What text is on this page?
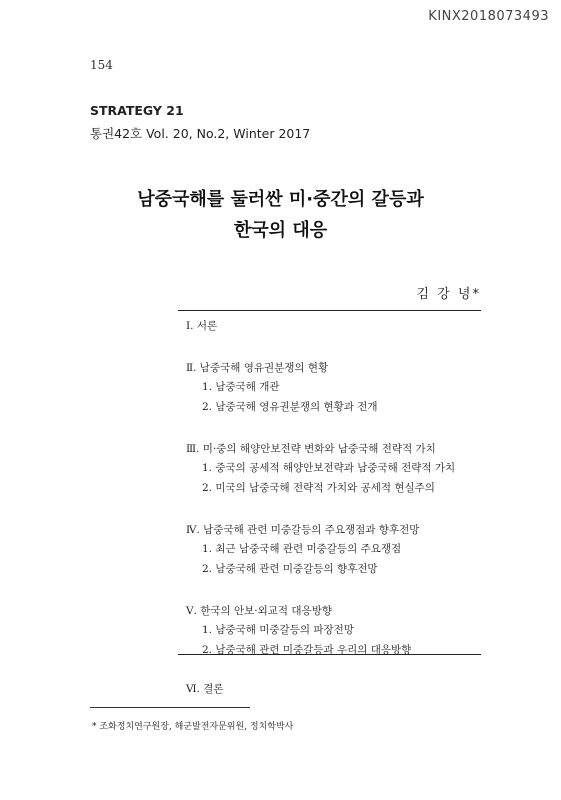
KINX2018073493
154
STRATEGY 21
통권42호 Vol. 20, No.2, Winter 2017
남중국해를 둘러싼 미·중간의 갈등과
한국의 대응
김 강 녕*
Ⅰ. 서론
Ⅱ. 남중국해 영유권분쟁의 현황
1. 남중국해 개관
2. 남중국해 영유권분쟁의 현황과 전개
Ⅲ. 미·중의 해양안보전략 변화와 남중국해 전략적 가치
1. 중국의 공세적 해양안보전략과 남중국해 전략적 가치
2. 미국의 남중국해 전략적 가치와 공세적 현실주의
Ⅳ. 남중국해 관련 미중갈등의 주요쟁점과 향후전망
1. 최근 남중국해 관련 미중갈등의 주요쟁점
2. 남중국해 관련 미중갈등의 향후전망
Ⅴ. 한국의 안보·외교적 대응방향
1. 남중국해 미중갈등의 파장전망
2. 남중국해 관련 미중갈등과 우리의 대응방향
Ⅵ. 결론
* 조화정치연구원장, 해군발전자문위원, 정치학박사
